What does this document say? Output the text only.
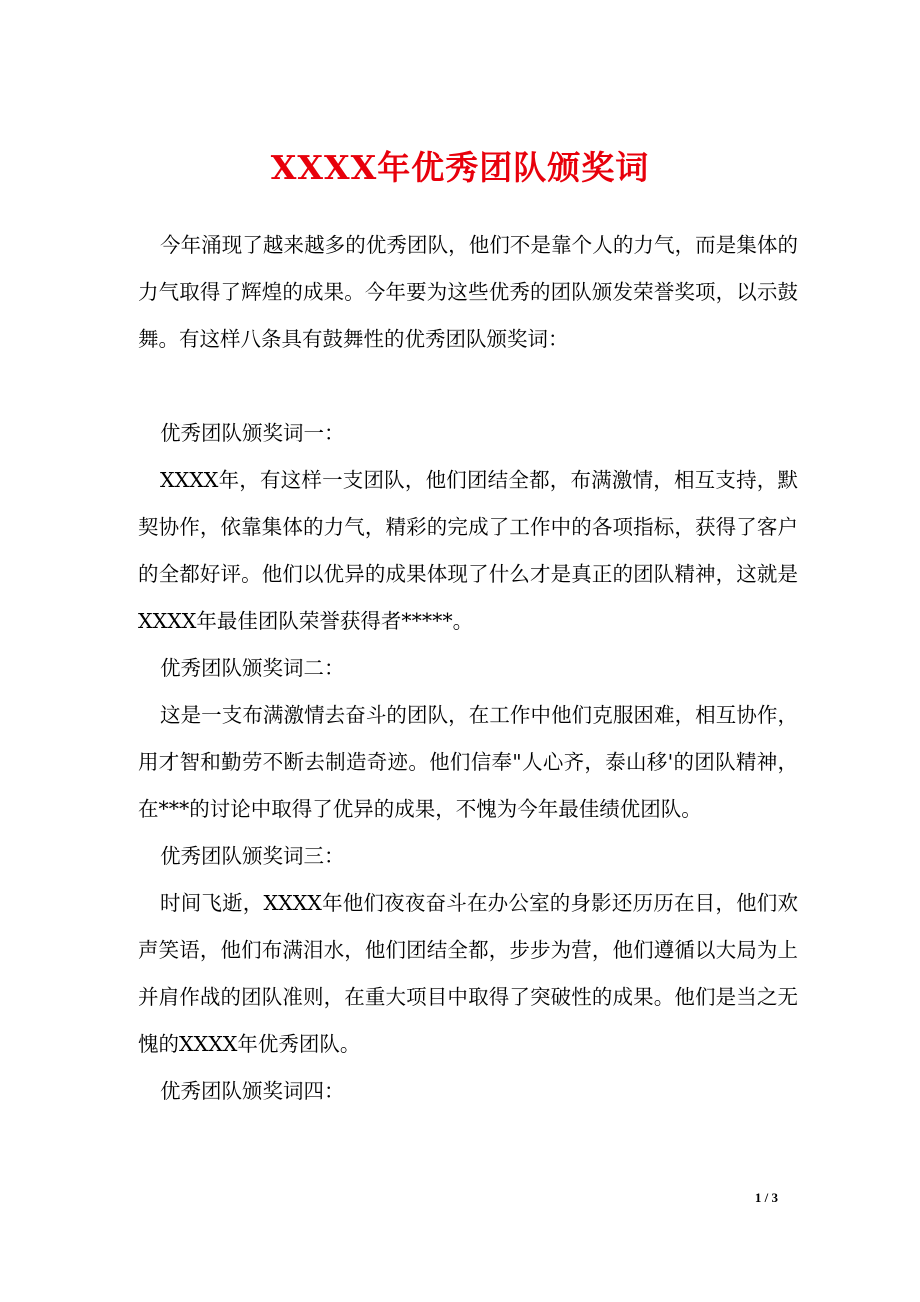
XXXX年优秀团队颁奖词

今年涌现了越来越多的优秀团队，他们不是靠个人的力气，而是集体的力气取得了辉煌的成果。今年要为这些优秀的团队颁发荣誉奖项，以示鼓舞。有这样八条具有鼓舞性的优秀团队颁奖词：

优秀团队颁奖词一：

XXXX年，有这样一支团队，他们团结全都，布满激情，相互支持，默契协作，依靠集体的力气，精彩的完成了工作中的各项指标，获得了客户的全都好评。他们以优异的成果体现了什么才是真正的团队精神，这就是XXXX年最佳团队荣誉获得者*****。

优秀团队颁奖词二：

这是一支布满激情去奋斗的团队，在工作中他们克服困难，相互协作，用才智和勤劳不断去制造奇迹。他们信奉"人心齐，泰山移'的团队精神，在***的讨论中取得了优异的成果，不愧为今年最佳绩优团队。

优秀团队颁奖词三：

时间飞逝，XXXX年他们夜夜奋斗在办公室的身影还历历在目，他们欢声笑语，他们布满泪水，他们团结全都，步步为营，他们遵循以大局为上并肩作战的团队准则，在重大项目中取得了突破性的成果。他们是当之无愧的XXXX年优秀团队。

优秀团队颁奖词四：

1 / 3
